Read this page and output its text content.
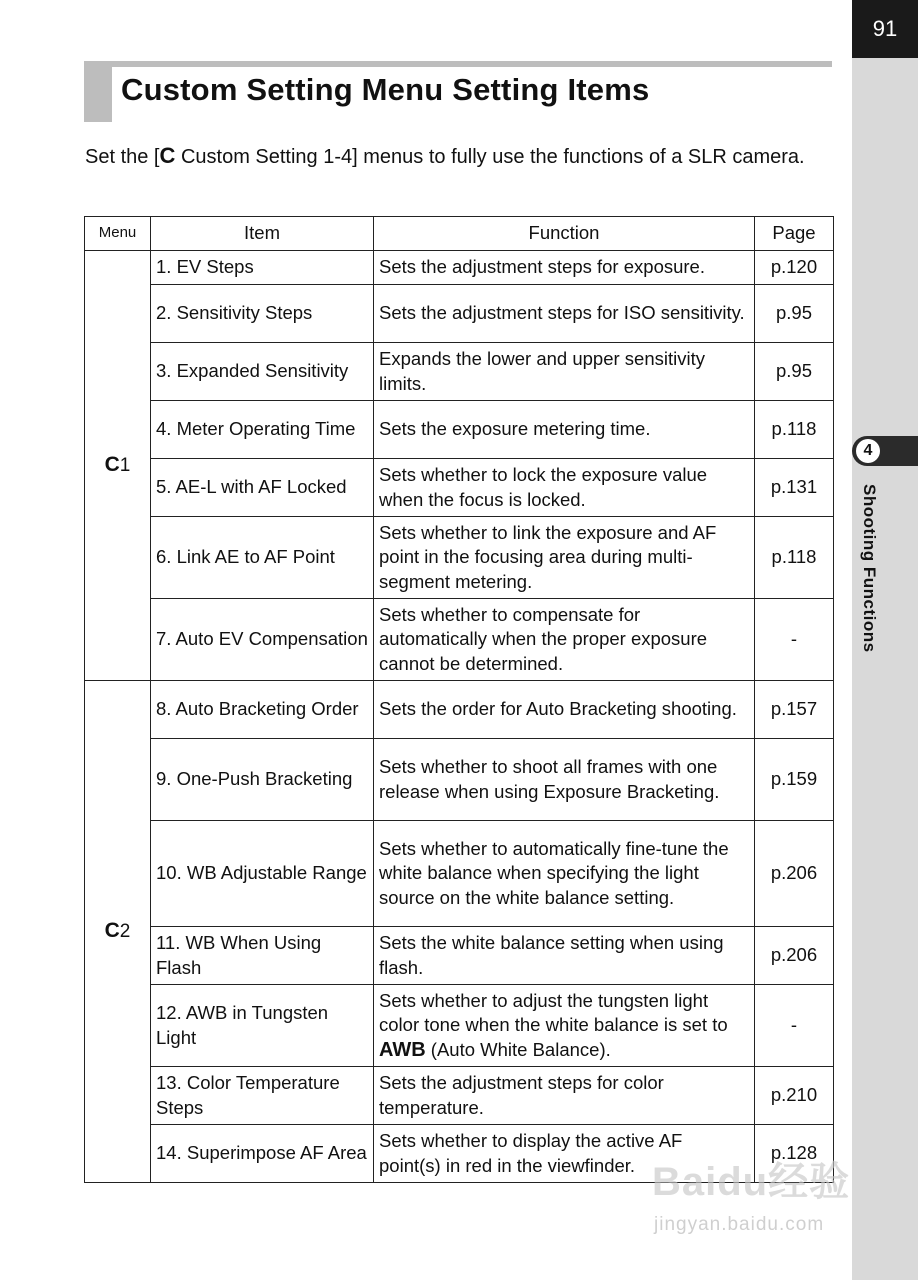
91
4
Shooting Functions
Custom Setting Menu Setting Items

Set the [C Custom Setting 1-4] menus to fully use the functions of a SLR camera.

Menu	Item	Function	Page
C1	1. EV Steps	Sets the adjustment steps for exposure.	p.120
	2. Sensitivity Steps	Sets the adjustment steps for ISO sensitivity.	p.95
	3. Expanded Sensitivity	Expands the lower and upper sensitivity limits.	p.95
	4. Meter Operating Time	Sets the exposure metering time.	p.118
	5. AE-L with AF Locked	Sets whether to lock the exposure value when the focus is locked.	p.131
	6. Link AE to AF Point	Sets whether to link the exposure and AF point in the focusing area during multi-segment metering.	p.118
	7. Auto EV Compensation	Sets whether to compensate for automatically when the proper exposure cannot be determined.	-
C2	8. Auto Bracketing Order	Sets the order for Auto Bracketing shooting.	p.157
	9. One-Push Bracketing	Sets whether to shoot all frames with one release when using Exposure Bracketing.	p.159
	10. WB Adjustable Range	Sets whether to automatically fine-tune the white balance when specifying the light source on the white balance setting.	p.206
	11. WB When Using Flash	Sets the white balance setting when using flash.	p.206
	12. AWB in Tungsten Light	Sets whether to adjust the tungsten light color tone when the white balance is set to AWB (Auto White Balance).	-
	13. Color Temperature Steps	Sets the adjustment steps for color temperature.	p.210
	14. Superimpose AF Area	Sets whether to display the active AF point(s) in red in the viewfinder.	p.128
Baidu经验
jingyan.baidu.com
